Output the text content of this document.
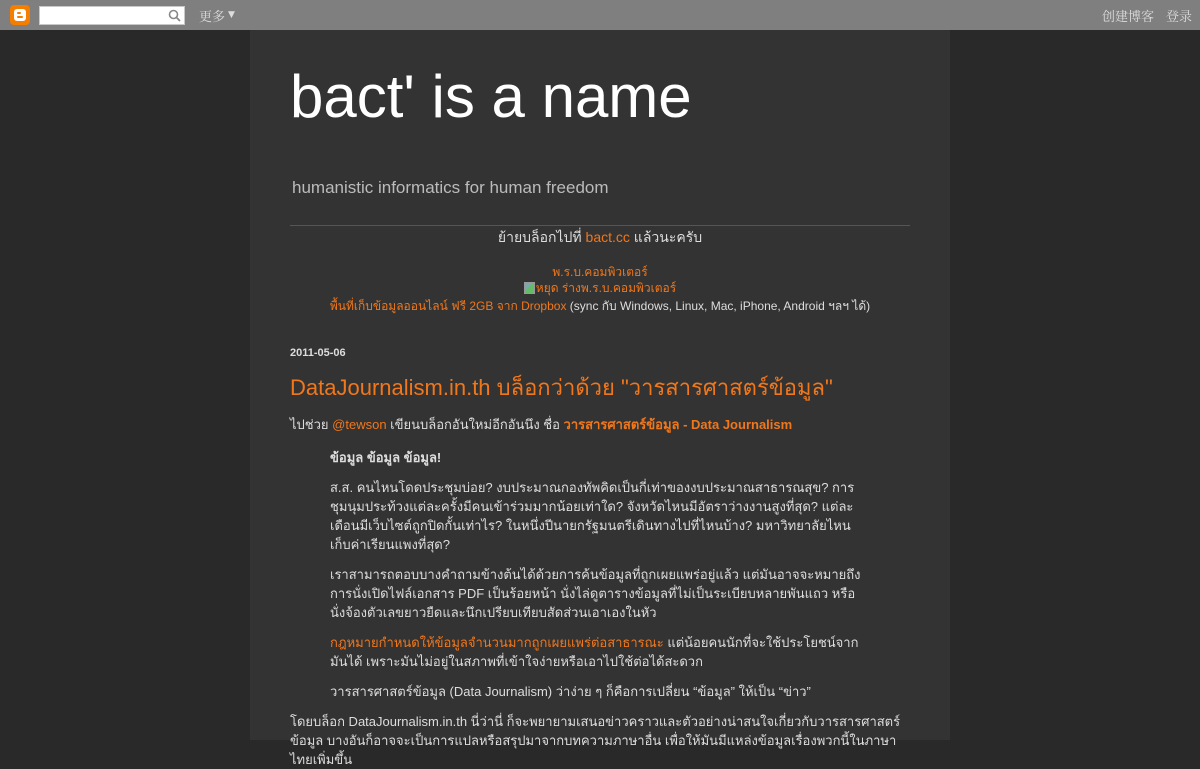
更多 ▼	创建博客 登录
bact' is a name
humanistic informatics for human freedom
ย้ายบล็อกไปที่ bact.cc แล้วนะครับ
พ.ร.บ.คอมพิวเตอร์
หยุด ร่างพ.ร.บ.คอมพิวเตอร์
พื้นที่เก็บข้อมูลออนไลน์ ฟรี 2GB จาก Dropbox (sync กับ Windows, Linux, Mac, iPhone, Android ฯลฯ ได้)
2011-05-06
DataJournalism.in.th บล็อกว่าด้วย "วารสารศาสตร์ข้อมูล"

ไปช่วย @tewson เขียนบล็อกอันใหม่อีกอันนึง ชื่อ วารสารศาสตร์ข้อมูล - Data Journalism

ข้อมูล ข้อมูล ข้อมูล!

ส.ส. คนไหนโดดประชุมบ่อย? งบประมาณกองทัพคิดเป็นกี่เท่าของงบประมาณสาธารณสุข? การชุมนุมประท้วงแต่ละครั้งมีคนเข้าร่วมมากน้อยเท่าใด? จังหวัดไหนมีอัตราว่างงานสูงที่สุด? แต่ละเดือนมีเว็บไซต์ถูกปิดกั้นเท่าไร? ในหนึ่งปีนายกรัฐมนตรีเดินทางไปที่ไหนบ้าง? มหาวิทยาลัยไหนเก็บค่าเรียนแพงที่สุด?

เราสามารถตอบบางคำถามข้างต้นได้ด้วยการค้นข้อมูลที่ถูกเผยแพร่อยู่แล้ว แต่มันอาจจะหมายถึงการนั่งเปิดไฟล์เอกสาร PDF เป็นร้อยหน้า นั่งไล่ดูตารางข้อมูลที่ไม่เป็นระเบียบหลายพันแถว หรือนั่งจ้องตัวเลขยาวยืดและนึกเปรียบเทียบสัดส่วนเอาเองในหัว

กฎหมายกำหนดให้ข้อมูลจำนวนมากถูกเผยแพร่ต่อสาธารณะ แต่น้อยคนนักที่จะใช้ประโยชน์จากมันได้ เพราะมันไม่อยู่ในสภาพที่เข้าใจง่ายหรือเอาไปใช้ต่อได้สะดวก

วารสารศาสตร์ข้อมูล (Data Journalism) ว่าง่าย ๆ ก็คือการเปลี่ยน “ข้อมูล” ให้เป็น “ข่าว”

โดยบล็อก DataJournalism.in.th นี่ว่านี่ ก็จะพยายามเสนอข่าวคราวและตัวอย่างน่าสนใจเกี่ยวกับวารสารศาสตร์ข้อมูล บางอันก็อาจจะเป็นการแปลหรือสรุปมาจากบทความภาษาอื่น เพื่อให้มันมีแหล่งข้อมูลเรื่องพวกนี้ในภาษาไทยเพิ่มขึ้น
